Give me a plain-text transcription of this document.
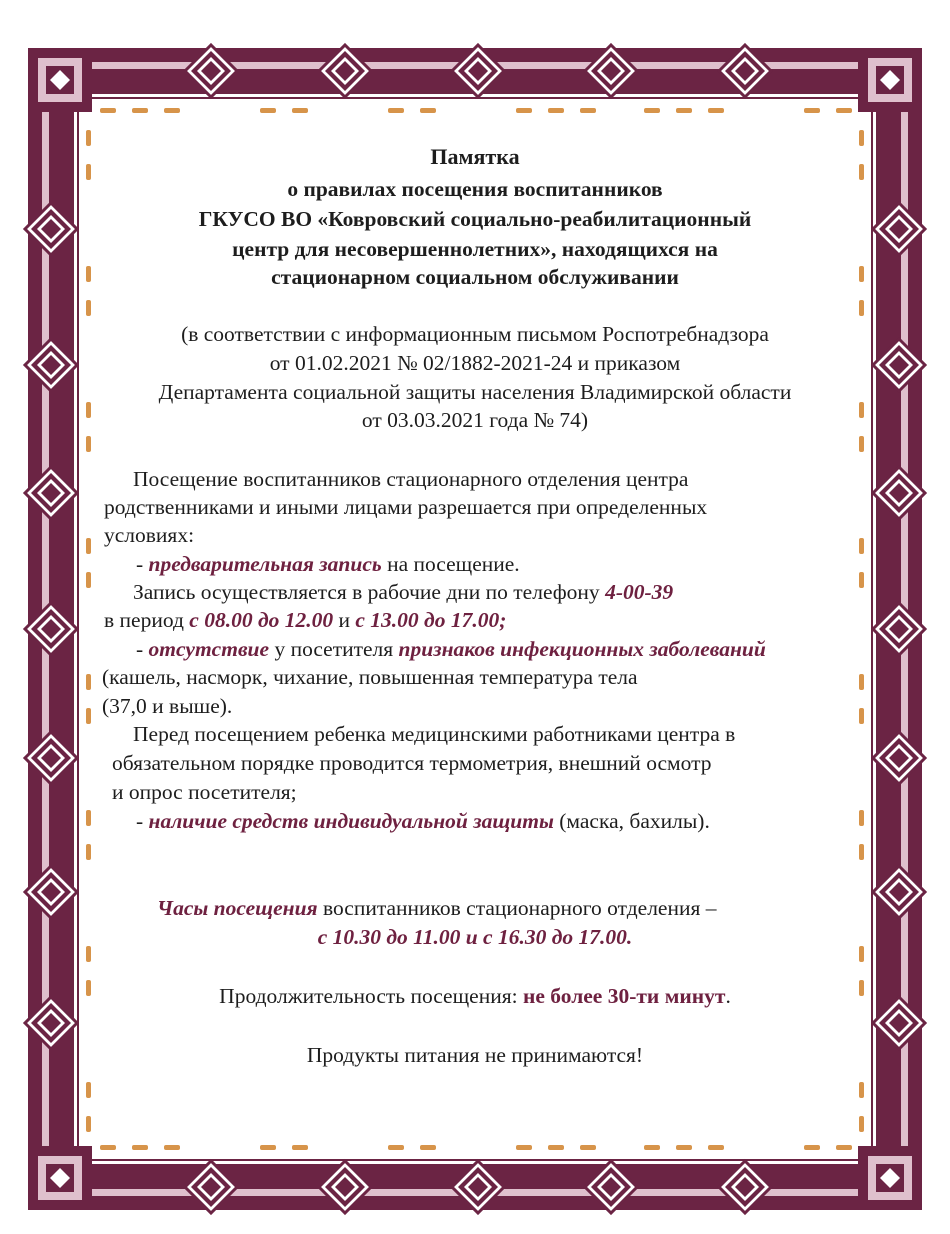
Памятка
о правилах посещения воспитанников
ГКУСО ВО «Ковровский социально-реабилитационный
центр для несовершеннолетних», находящихся на
стационарном социальном обслуживании
(в соответствии с информационным письмом Роспотребнадзора
от 01.02.2021 № 02/1882-2021-24 и приказом
Департамента социальной защиты населения Владимирской области
от 03.03.2021 года № 74)
Посещение воспитанников стационарного отделения центра
родственниками и иными лицами разрешается при определенных
условиях:
- предварительная запись на посещение.
Запись осуществляется в рабочие дни по телефону 4-00-39
в период с 08.00 до 12.00 и с 13.00 до 17.00;
- отсутствие у посетителя признаков инфекционных заболеваний
(кашель, насморк, чихание, повышенная температура тела
(37,0 и выше).
Перед посещением ребенка медицинскими работниками центра в
обязательном порядке проводится термометрия, внешний осмотр
и опрос посетителя;
- наличие средств индивидуальной защиты (маска, бахилы).
Часы посещения воспитанников стационарного отделения –
с 10.30 до 11.00 и с 16.30 до 17.00.
Продолжительность посещения: не более 30-ти минут.
Продукты питания не принимаются!
